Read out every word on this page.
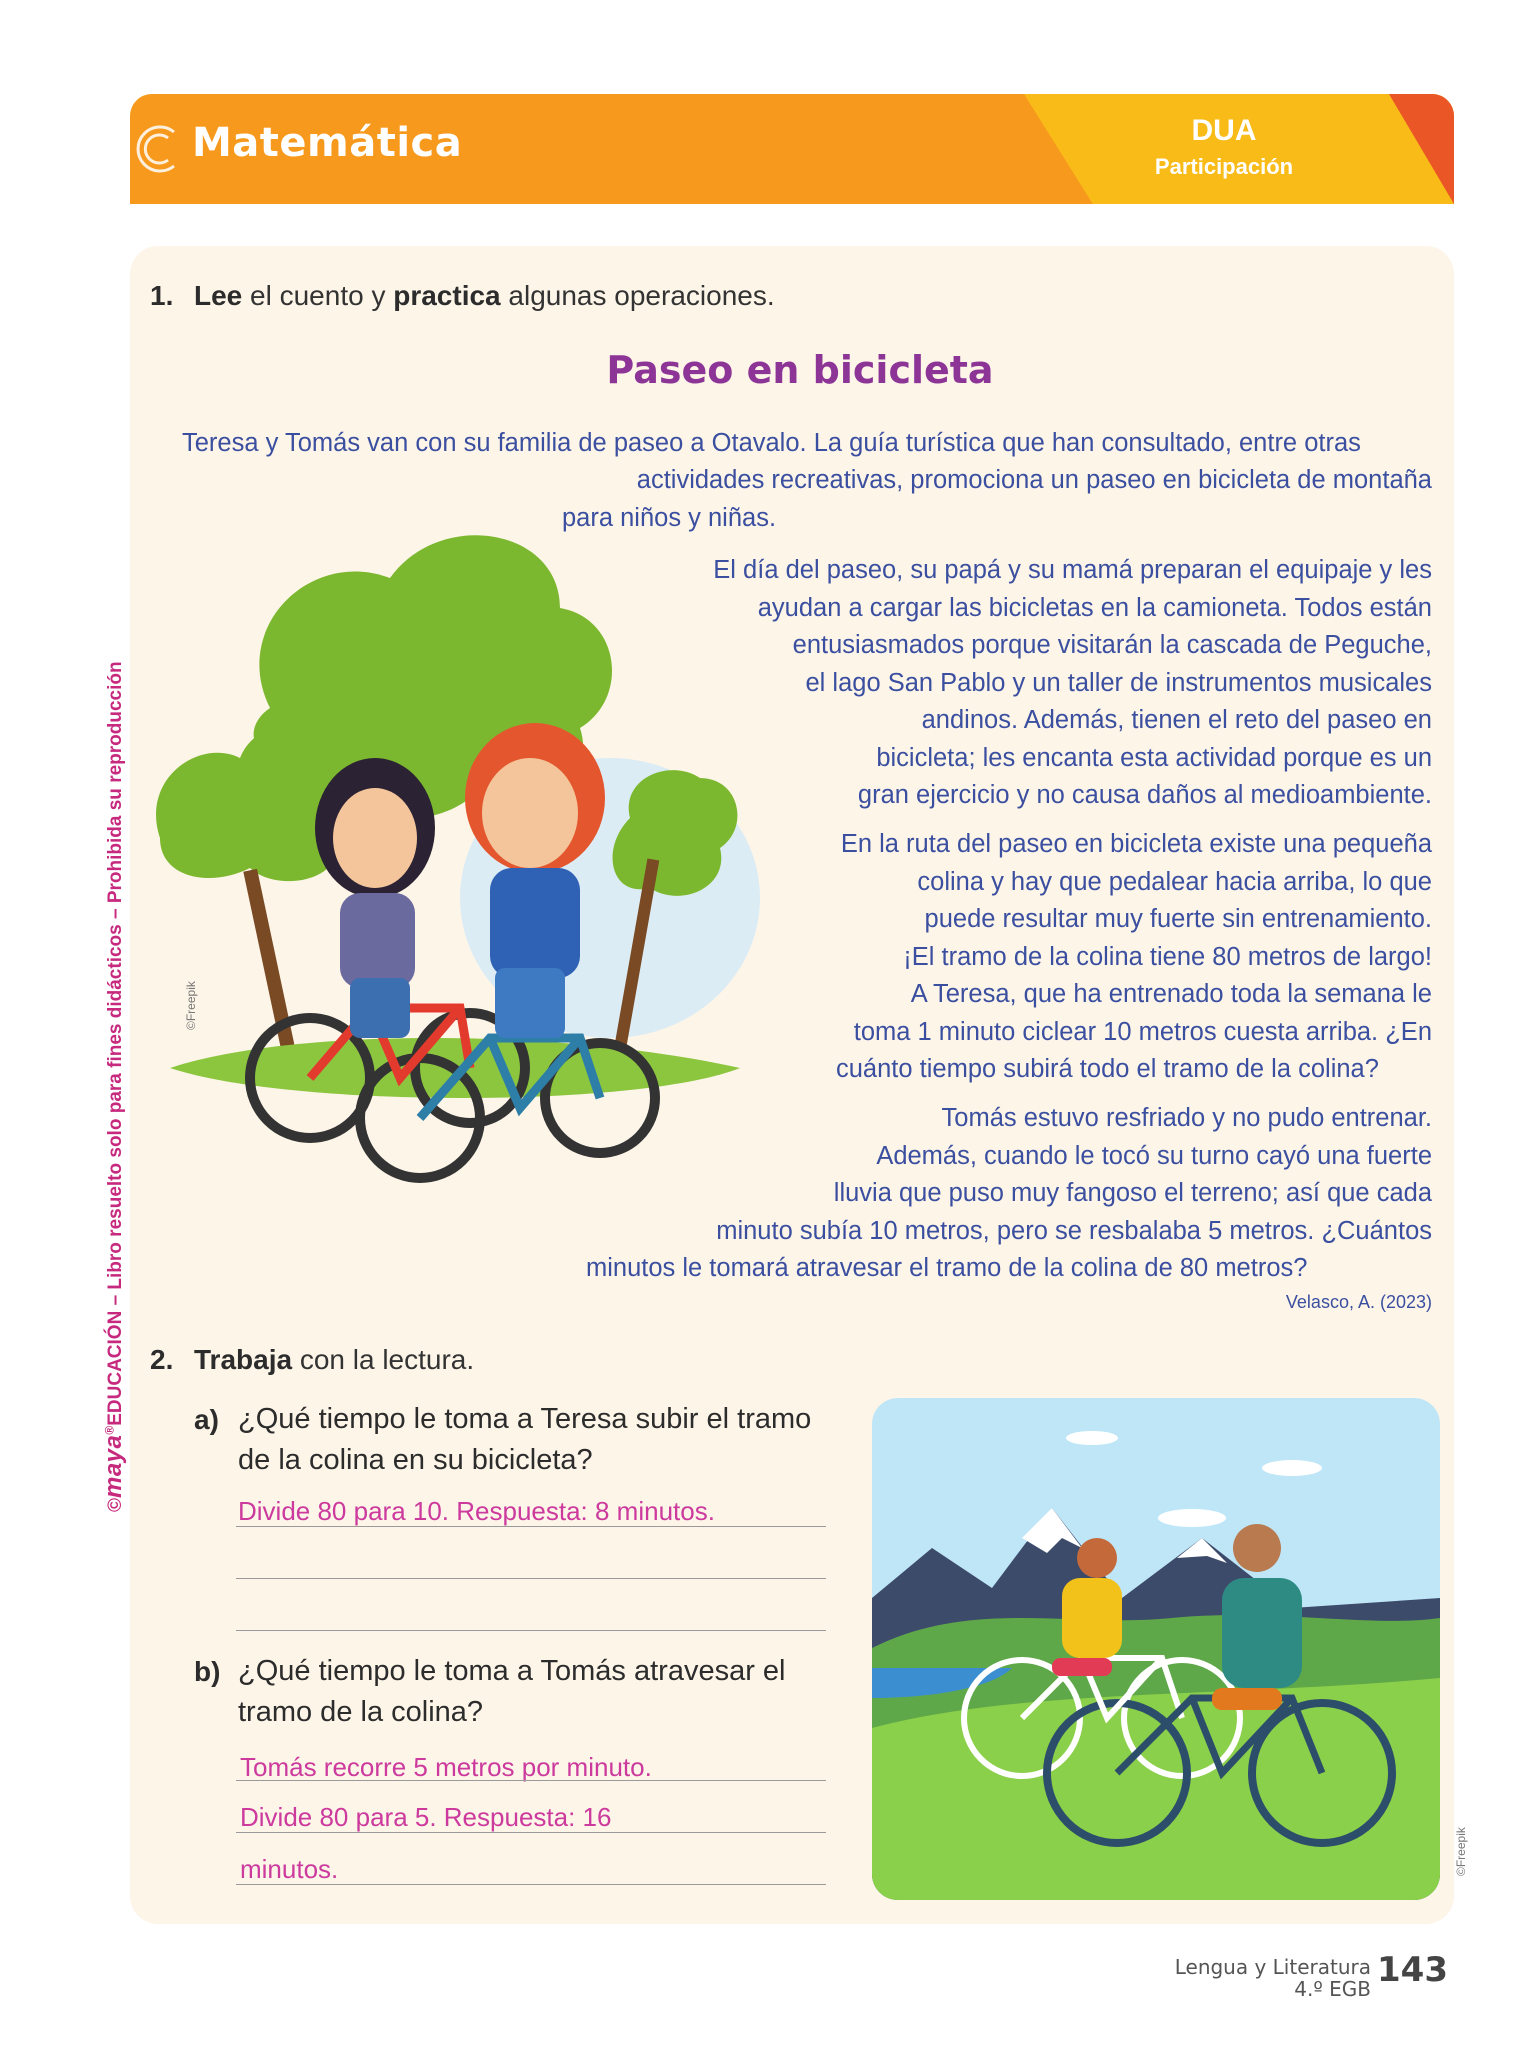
Matemática	DUA
Participación
©maya®EDUCACIÓN – Libro resuelto solo para fines didácticos – Prohibida su reproducción
1. Lee el cuento y practica algunas operaciones.
Paseo en bicicleta
Teresa y Tomás van con su familia de paseo a Otavalo. La guía turística que han consultado, entre otras
actividades recreativas, promociona un paseo en bicicleta de montaña
para niños y niñas.
El día del paseo, su papá y su mamá preparan el equipaje y les
ayudan a cargar las bicicletas en la camioneta. Todos están
entusiasmados porque visitarán la cascada de Peguche,
el lago San Pablo y un taller de instrumentos musicales
andinos. Además, tienen el reto del paseo en
bicicleta; les encanta esta actividad porque es un
gran ejercicio y no causa daños al medioambiente.
En la ruta del paseo en bicicleta existe una pequeña
colina y hay que pedalear hacia arriba, lo que
puede resultar muy fuerte sin entrenamiento.
¡El tramo de la colina tiene 80 metros de largo!
A Teresa, que ha entrenado toda la semana le
toma 1 minuto ciclear 10 metros cuesta arriba. ¿En
cuánto tiempo subirá todo el tramo de la colina?
Tomás estuvo resfriado y no pudo entrenar.
Además, cuando le tocó su turno cayó una fuerte
lluvia que puso muy fangoso el terreno; así que cada
minuto subía 10 metros, pero se resbalaba 5 metros. ¿Cuántos
minutos le tomará atravesar el tramo de la colina de 80 metros?
Velasco, A. (2023)
©Freepik
2. Trabaja con la lectura.
a) ¿Qué tiempo le toma a Teresa subir el tramo de la colina en su bicicleta?
Divide 80 para 10. Respuesta: 8 minutos.
b) ¿Qué tiempo le toma a Tomás atravesar el tramo de la colina?
Tomás recorre 5 metros por minuto.
Divide 80 para 5. Respuesta: 16
minutos.	©Freepik
Lengua y Literatura
4.º EGB 143
